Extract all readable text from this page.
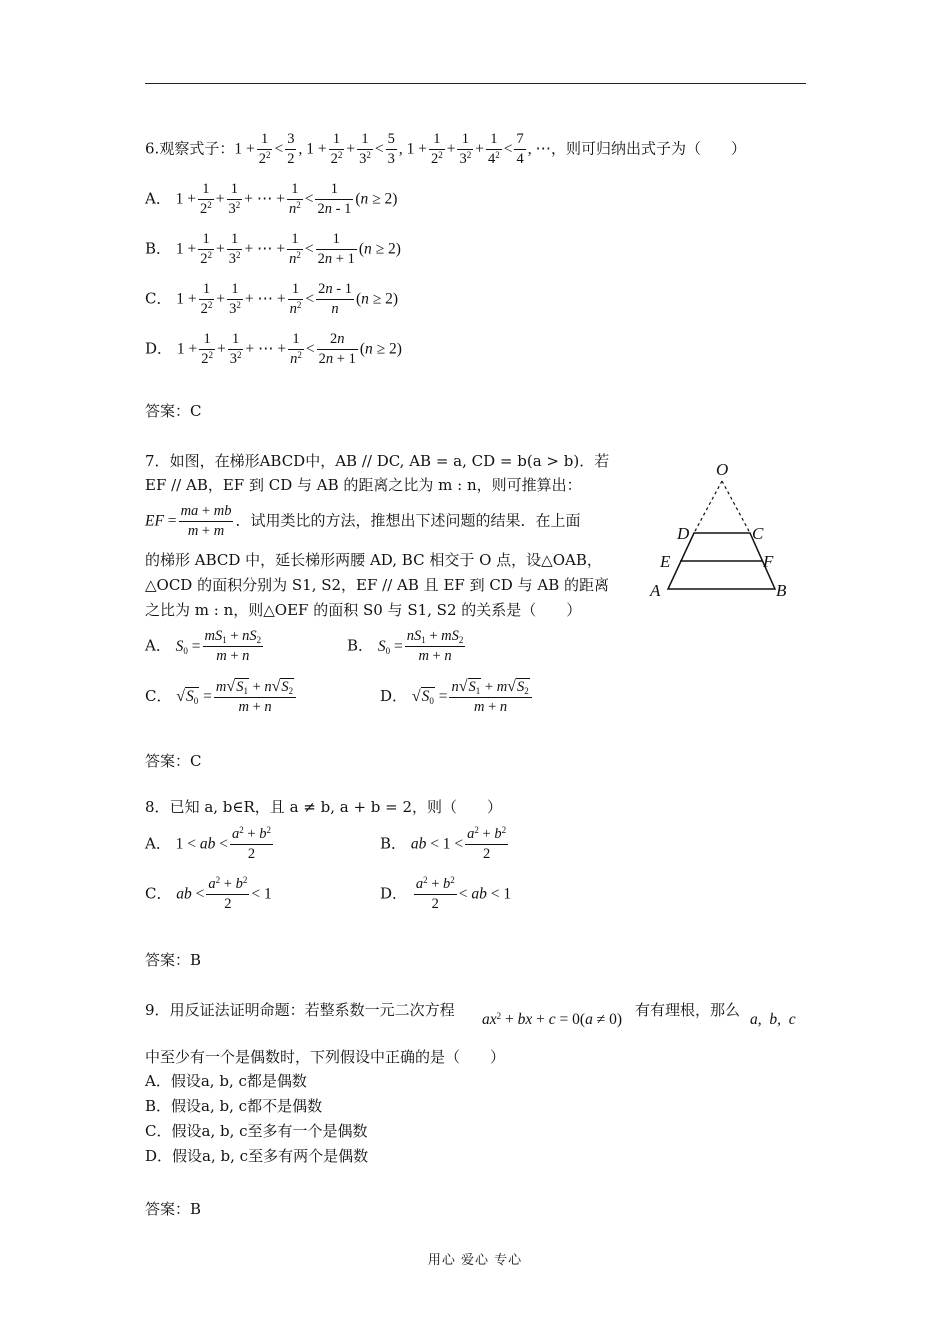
6.观察式子：$1 + \frac{1}{2^2} < \frac{3}{2}$ , $1 + \frac{1}{2^2} + \frac{1}{3^2} < \frac{5}{3}$ , $1 + \frac{1}{2^2} + \frac{1}{3^2} + \frac{1}{4^2} < \frac{7}{4}$ , ⋯，则可归纳出式子为（　　）
A． $1 + \frac{1}{2^2} + \frac{1}{3^2}$ + ⋯ + $\frac{1}{n^2} < \frac{1}{2n - 1} (n \ge 2)$
B． $1 + \frac{1}{2^2} + \frac{1}{3^2}$ + ⋯ + $\frac{1}{n^2} < \frac{1}{2n + 1} (n \ge 2)$
C． $1 + \frac{1}{2^2} + \frac{1}{3^2}$ + ⋯ + $\frac{1}{n^2} < \frac{2n - 1}{n} (n \ge 2)$
D． $1 + \frac{1}{2^2} + \frac{1}{3^2}$ + ⋯ + $\frac{1}{n^2} < \frac{2n}{2n + 1} (n \ge 2)$
答案：C
7．如图，在梯形ABCD中，AB // DC, AB = a, CD = b(a > b)．若
EF // AB，EF 到 CD 与 AB 的距离之比为 m : n，则可推算出：
EF = $\frac{ma + mb}{m + m}$ ．试用类比的方法，推想出下述问题的结果．在上面
的梯形 ABCD 中，延长梯形两腰 AD, BC 相交于 O 点，设△OAB，
△OCD 的面积分别为 S1, S2，EF // AB 且 EF 到 CD 与 AB 的距离
之比为 m : n，则△OEF 的面积 S0 与 S1, S2 的关系是（　　）
O
D	C
E	F
A	B
A． $S_0 = \frac{mS_1 + nS_2}{m + n}$	B． $S_0 = \frac{nS_1 + mS_2}{m + n}$
C． $√S_0 = \frac{m√S_1 + n√S_2}{m + n}$	D． $√S_0 = \frac{n√S_1 + m√S_2}{m + n}$
答案：C
8．已知 a, b∈R，且 a ≠ b, a + b = 2，则（　　）
A． 1 < ab < $\frac{a^2 + b^2}{2}$	B． ab < $1 < \frac{a^2 + b^2}{2}$
C． ab < $\frac{a^2 + b^2}{2} < 1$	D． $\frac{a^2 + b^2}{2}$ < ab < 1
答案：B
9．用反证法证明命题：若整系数一元二次方程
$ax^2$ + bx + c = 0(a ≠ 0)
有有理根，那么
a,  b,  c
中至少有一个是偶数时，下列假设中正确的是（　　）
A．假设a, b, c都是偶数
B．假设a, b, c都不是偶数
C．假设a, b, c至多有一个是偶数
D．假设a, b, c至多有两个是偶数
答案：B
用心 爱心 专心
